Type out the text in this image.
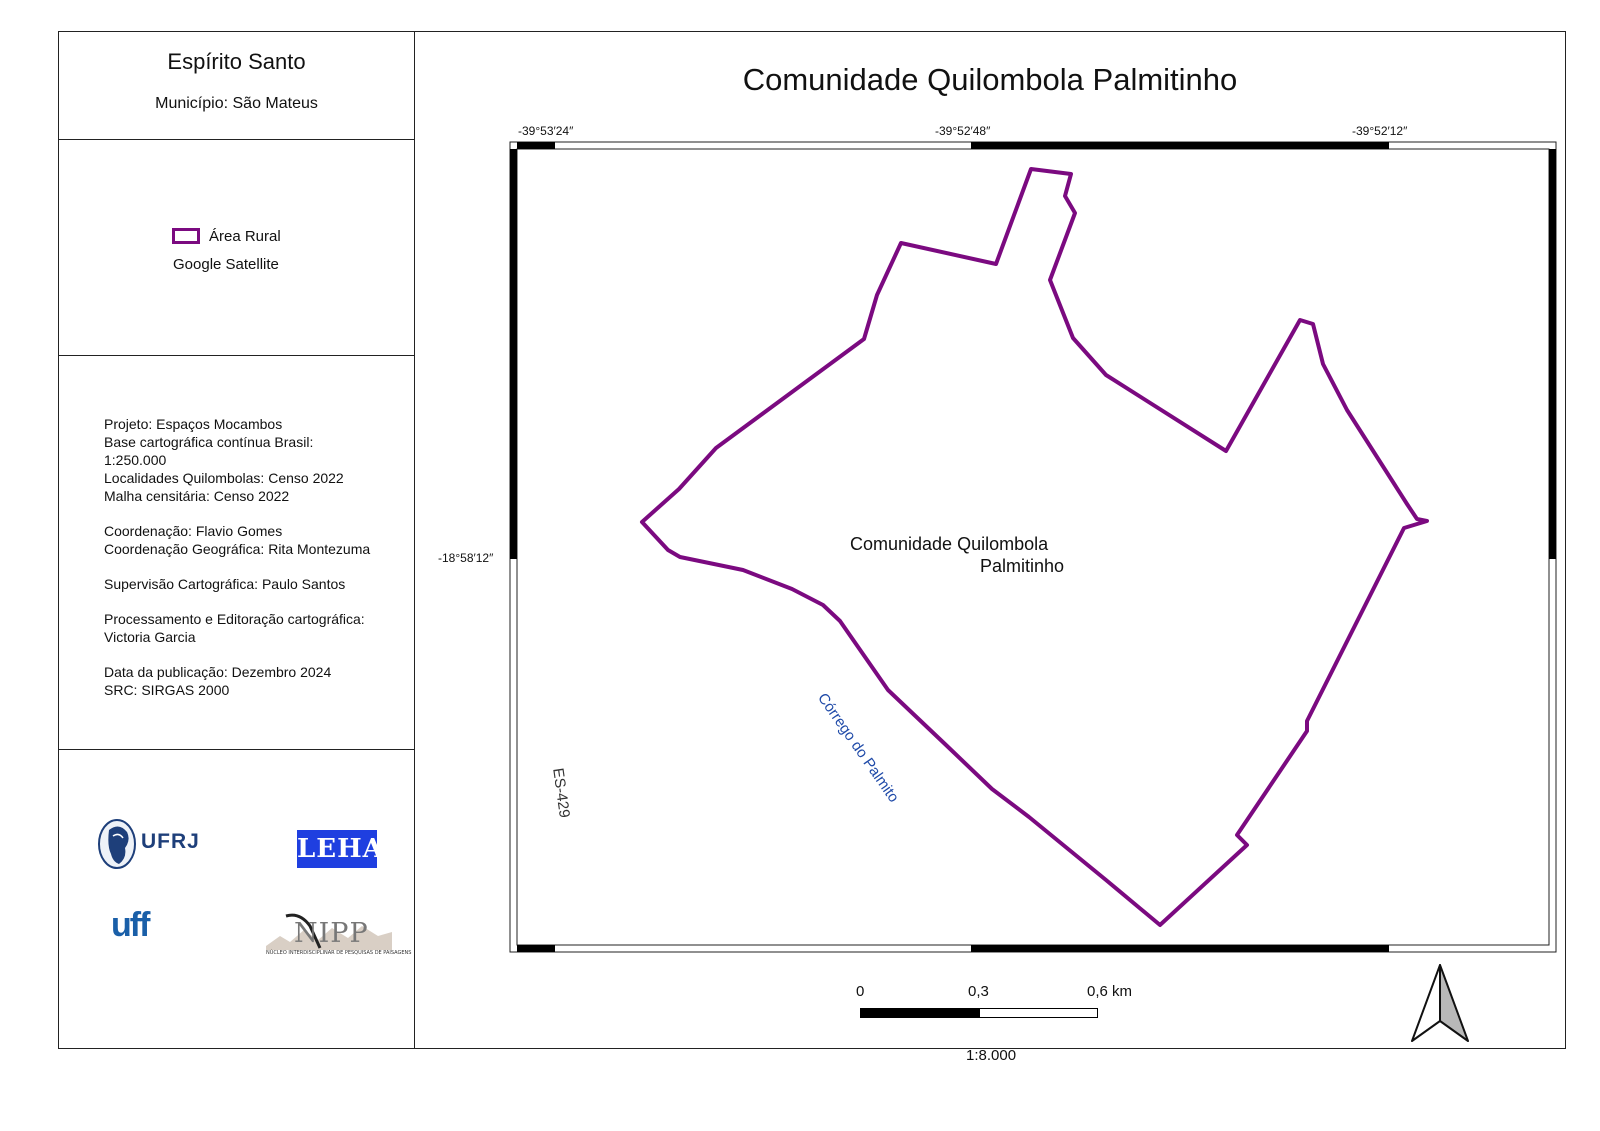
Espírito Santo
Município: São Mateus
Área Rural
Google Satellite
Projeto: Espaços Mocambos
Base cartográfica contínua Brasil:
1:250.000
Localidades Quilombolas: Censo 2022
Malha censitária: Censo 2022
Coordenação: Flavio Gomes
Coordenação Geográfica: Rita Montezuma
Supervisão Cartográfica: Paulo Santos
Processamento e Editoração cartográfica:
Victoria Garcia
Data da publicação: Dezembro 2024
SRC: SIRGAS 2000
UFRJ	LEHA
uff	NIPP
NÚCLEO INTERDISCIPLINAR DE PESQUISAS DE PAISAGENS
Comunidade Quilombola Palmitinho
-39°53′24″	-39°52′48″	-39°52′12″
-18°58′12″
Comunidade Quilombola
Palmitinho
Córrego do Palmito
ES-429
0	0,3	0,6 km
1:8.000
